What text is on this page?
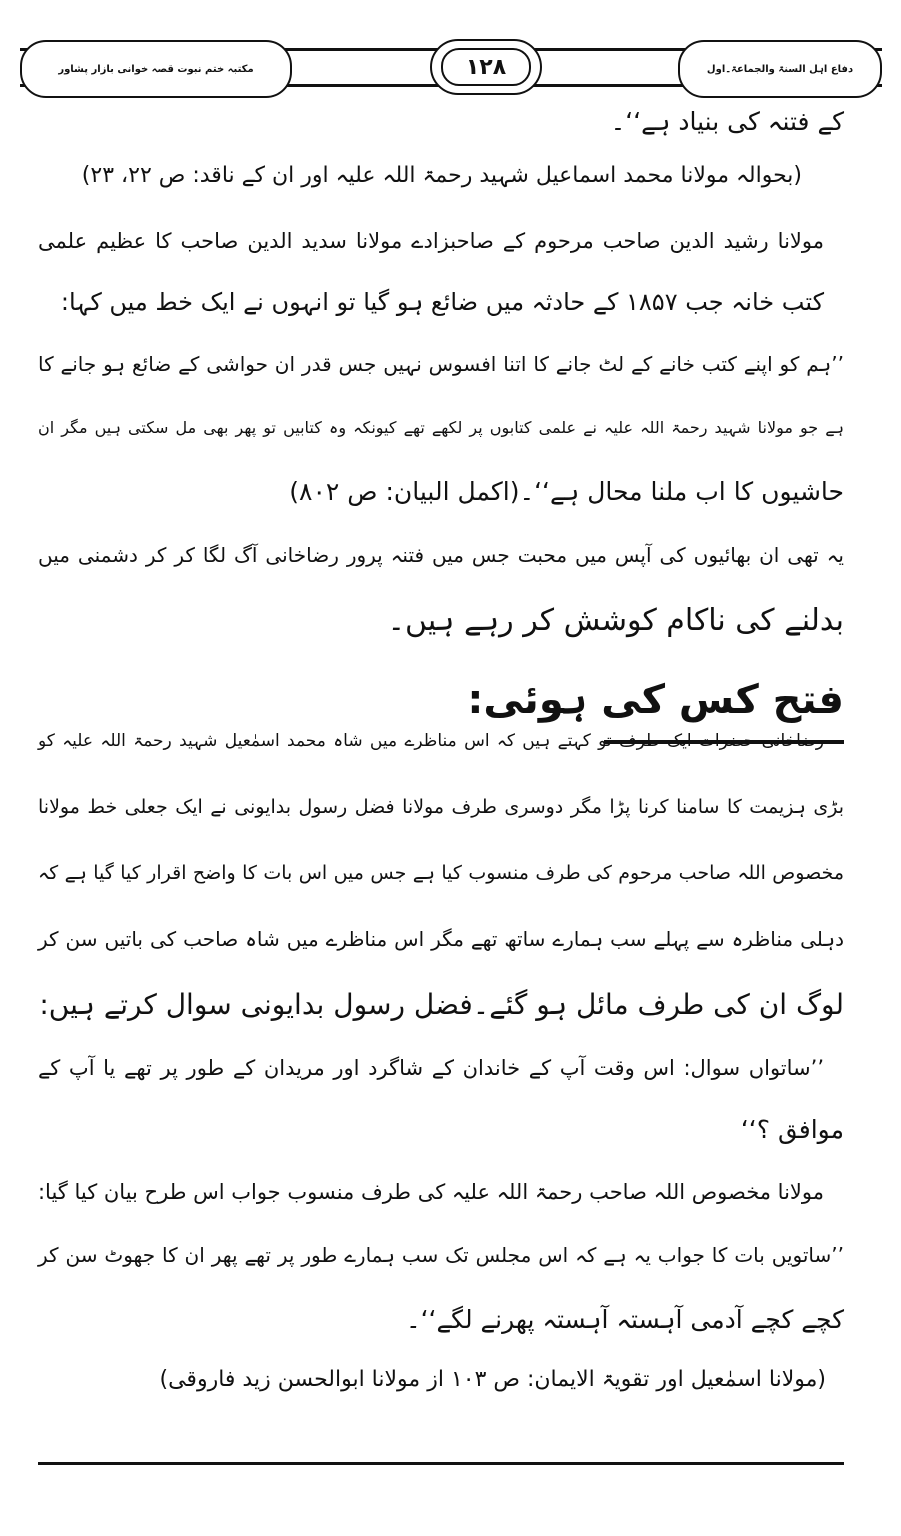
دفاع اہل السنۃ والجماعۃ۔اول
۱۲۸
مکتبہ ختم نبوت قصہ خوانی بازار پشاور
کے فتنہ کی بنیاد ہے‘‘۔
(بحوالہ مولانا محمد اسماعیل شہید رحمۃ اللہ علیہ اور ان کے ناقد: ص ۲۲، ۲۳)
مولانا رشید الدین صاحب مرحوم کے صاحبزادے مولانا سدید الدین صاحب کا عظیم علمی
کتب خانہ جب ۱۸۵۷ کے حادثہ میں ضائع ہو گیا تو انہوں نے ایک خط میں کہا:
’’ہم کو اپنے کتب خانے کے لٹ جانے کا اتنا افسوس نہیں جس قدر ان حواشی کے ضائع ہو جانے کا
ہے جو مولانا شہید رحمۃ اللہ علیہ نے علمی کتابوں پر لکھے تھے کیونکہ وہ کتابیں تو پھر بھی مل سکتی ہیں مگر ان
حاشیوں کا اب ملنا محال ہے‘‘۔(اکمل البیان: ص ۸۰۲)
یہ تھی ان بھائیوں کی آپس میں محبت جس میں فتنہ پرور رضاخانی آگ لگا کر کر دشمنی میں
بدلنے کی ناکام کوشش کر رہے ہیں۔
فتح کس کی ہوئی:
رضاخانی حضرات ایک طرف تو کہتے ہیں کہ اس مناظرے میں شاہ محمد اسمٰعیل شہید رحمۃ اللہ علیہ کو
بڑی ہزیمت کا سامنا کرنا پڑا مگر دوسری طرف مولانا فضل رسول بدایونی نے ایک جعلی خط مولانا
مخصوص اللہ صاحب مرحوم کی طرف منسوب کیا ہے جس میں اس بات کا واضح اقرار کیا گیا ہے کہ
دہلی مناظرہ سے پہلے سب ہمارے ساتھ تھے مگر اس مناظرے میں شاہ صاحب کی باتیں سن کر
لوگ ان کی طرف مائل ہو گئے۔فضل رسول بدایونی سوال کرتے ہیں:
’’ساتواں سوال: اس وقت آپ کے خاندان کے شاگرد اور مریدان کے طور پر تھے یا آپ کے
موافق ؟‘‘
مولانا مخصوص اللہ صاحب رحمۃ اللہ علیہ کی طرف منسوب جواب اس طرح بیان کیا گیا:
’’ساتویں بات کا جواب یہ ہے کہ اس مجلس تک سب ہمارے طور پر تھے پھر ان کا جھوٹ سن کر
کچے کچے آدمی آہستہ آہستہ پھرنے لگے‘‘۔
(مولانا اسمٰعیل اور تقویۃ الایمان: ص ۱۰۳ از مولانا ابوالحسن زید فاروقی)
